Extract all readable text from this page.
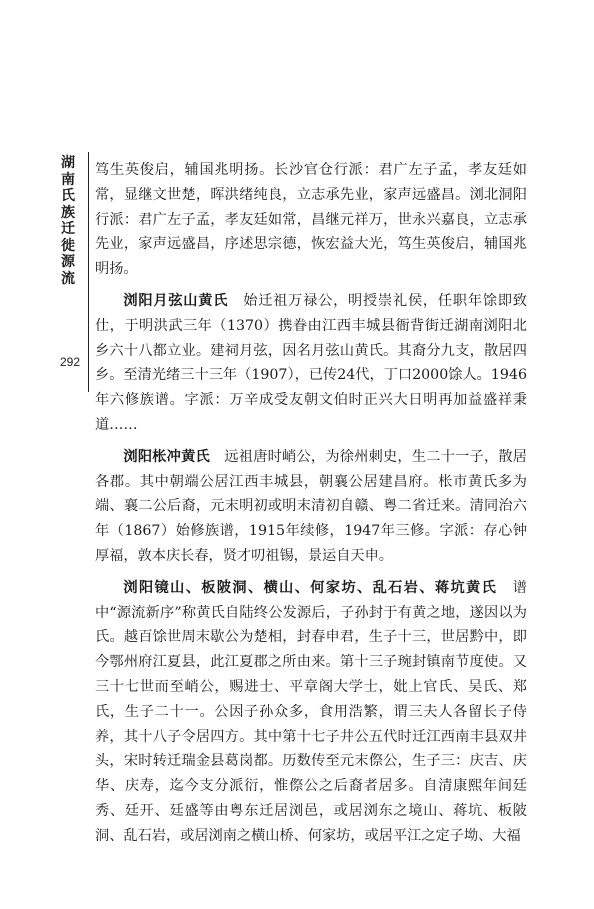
湖南氏族迁徙源流
292

笃生英俊启，辅国兆明扬。长沙官仓行派：君广左子孟，孝友廷如常，显继文世楚，晖洪绪纯良，立志承先业，家声远盛昌。浏北洞阳行派：君广左子孟，孝友廷如常，昌继元祥万，世永兴嘉良，立志承先业，家声远盛昌，序述思宗德，恢宏益大光，笃生英俊启，辅国兆明扬。

浏阳月弦山黄氏　始迁祖万禄公，明授崇礼侯，任职年馀即致仕，于明洪武三年（1370）携眷由江西丰城县衙背街迁湖南浏阳北乡六十八都立业。建祠月弦，因名月弦山黄氏。其裔分九支，散居四乡。至清光绪三十三年（1907），已传24代，丁口2000馀人。1946年六修族谱。字派：万辛成受友朝文伯时正兴大日明再加益盛祥秉道……

浏阳枨冲黄氏　远祖唐时峭公，为徐州刺史，生二十一子，散居各郡。其中朝端公居江西丰城县，朝襄公居建昌府。枨市黄氏多为端、襄二公后裔，元末明初或明末清初自赣、粤二省迁来。清同治六年（1867）始修族谱，1915年续修，1947年三修。字派：存心钟厚福，敦本庆长春，贤才叨祖锡，景运自天申。

浏阳镜山、板陂洞、横山、何家坊、乱石岩、蒋坑黄氏　谱中“源流新序”称黄氏自陆终公发源后，子孙封于有黄之地，遂因以为氏。越百馀世周末歇公为楚相，封春申君，生子十三，世居黔中，即今鄂州府江夏县，此江夏郡之所由来。第十三子琬封镇南节度使。又三十七世而至峭公，赐进士、平章阁大学士，妣上官氏、吴氏、郑氏，生子二十一。公因子孙众多，食用浩繁，谓三夫人各留长子侍养，其十八子令居四方。其中第十七子井公五代时迁江西南丰县双井头，宋时转迁瑞金县葛岗都。历数传至元末傺公，生子三：庆吉、庆华、庆寿，迄今支分派衍，惟傺公之后裔者居多。自清康熙年间廷秀、廷开、廷盛等由粤东迁居浏邑，或居浏东之境山、蒋坑、板陂洞、乱石岩，或居浏南之横山桥、何家坊，或居平江之定子坳、大福
